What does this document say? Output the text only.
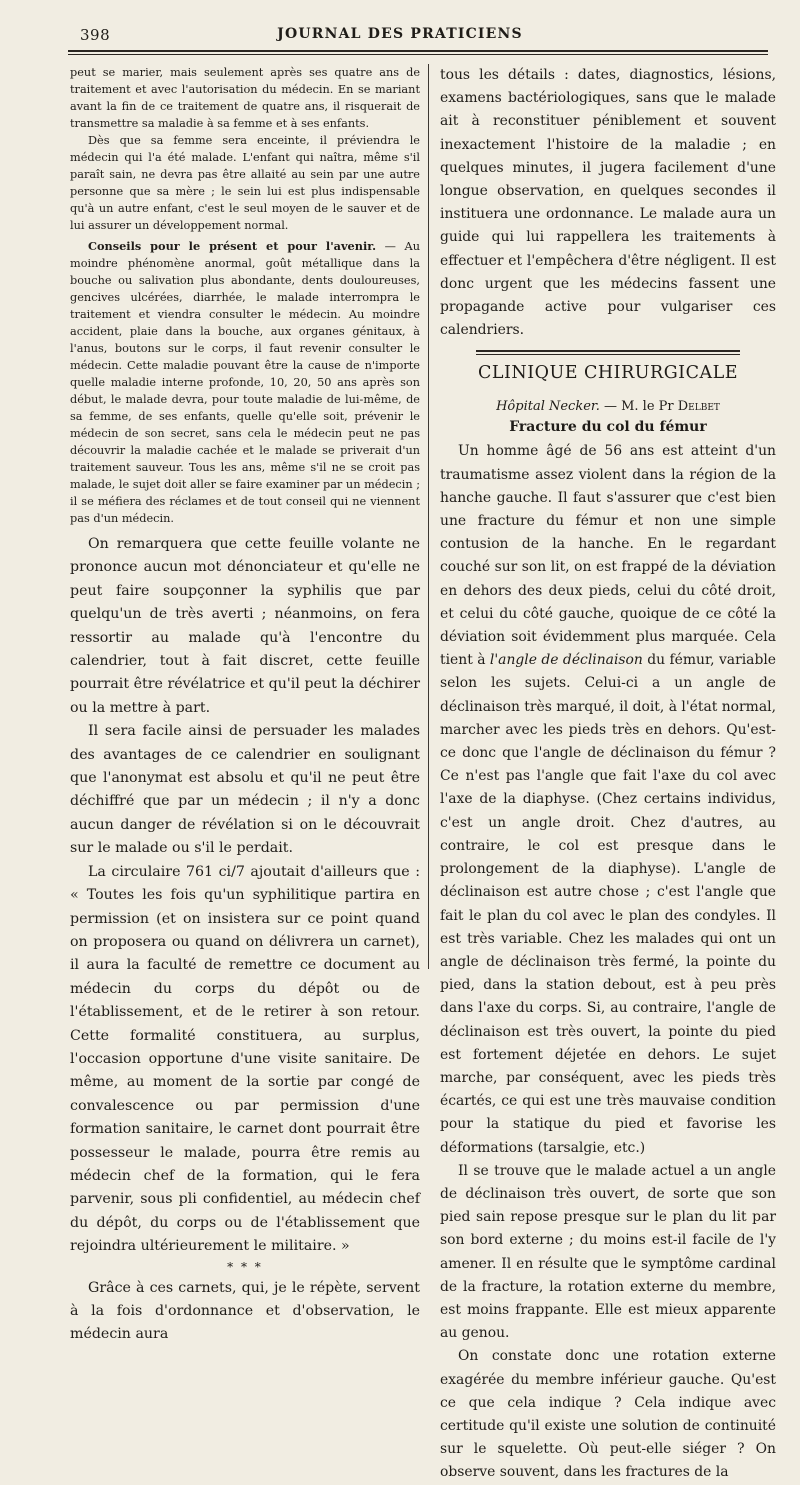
398	JOURNAL DES PRATICIENS

peut se marier, mais seulement après ses quatre ans de traitement et avec l'autorisation du médecin. En se mariant avant la fin de ce traitement de quatre ans, il risquerait de transmettre sa maladie à sa femme et à ses enfants.

Dès que sa femme sera enceinte, il préviendra le médecin qui l'a été malade. L'enfant qui naîtra, même s'il paraît sain, ne devra pas être allaité au sein par une autre personne que sa mère ; le sein lui est plus indispensable qu'à un autre enfant, c'est le seul moyen de le sauver et de lui assurer un développement normal.

Conseils pour le présent et pour l'avenir. — Au moindre phénomène anormal, goût métallique dans la bouche ou salivation plus abondante, dents douloureuses, gencives ulcérées, diarrhée, le malade interrompra le traitement et viendra consulter le médecin. Au moindre accident, plaie dans la bouche, aux organes génitaux, à l'anus, boutons sur le corps, il faut revenir consulter le médecin. Cette maladie pouvant être la cause de n'importe quelle maladie interne profonde, 10, 20, 50 ans après son début, le malade devra, pour toute maladie de lui-même, de sa femme, de ses enfants, quelle qu'elle soit, prévenir le médecin de son secret, sans cela le médecin peut ne pas découvrir la maladie cachée et le malade se priverait d'un traitement sauveur. Tous les ans, même s'il ne se croit pas malade, le sujet doit aller se faire examiner par un médecin ; il se méfiera des réclames et de tout conseil qui ne viennent pas d'un médecin.

On remarquera que cette feuille volante ne prononce aucun mot dénonciateur et qu'elle ne peut faire soupçonner la syphilis que par quelqu'un de très averti ; néanmoins, on fera ressortir au malade qu'à l'encontre du calendrier, tout à fait discret, cette feuille pourrait être révélatrice et qu'il peut la déchirer ou la mettre à part.

Il sera facile ainsi de persuader les malades des avantages de ce calendrier en soulignant que l'anonymat est absolu et qu'il ne peut être déchiffré que par un médecin ; il n'y a donc aucun danger de révélation si on le découvrait sur le malade ou s'il le perdait.

La circulaire 761 ci/7 ajoutait d'ailleurs que : « Toutes les fois qu'un syphilitique partira en permission (et on insistera sur ce point quand on proposera ou quand on délivrera un carnet), il aura la faculté de remettre ce document au médecin du corps du dépôt ou de l'établissement, et de le retirer à son retour. Cette formalité constituera, au surplus, l'occasion opportune d'une visite sanitaire. De même, au moment de la sortie par congé de convalescence ou par permission d'une formation sanitaire, le carnet dont pourrait être possesseur le malade, pourra être remis au médecin chef de la formation, qui le fera parvenir, sous pli confidentiel, au médecin chef du dépôt, du corps ou de l'établissement que rejoindra ultérieurement le militaire. »

* * *

Grâce à ces carnets, qui, je le répète, servent à la fois d'ordonnance et d'observation, le médecin aura

tous les détails : dates, diagnostics, lésions, examens bactériologiques, sans que le malade ait à reconstituer péniblement et souvent inexactement l'histoire de la maladie ; en quelques minutes, il jugera facilement d'une longue observation, en quelques secondes il instituera une ordonnance. Le malade aura un guide qui lui rappellera les traitements à effectuer et l'empêchera d'être négligent. Il est donc urgent que les médecins fassent une propagande active pour vulgariser ces calendriers.

CLINIQUE CHIRURGICALE

Hôpital Necker. — M. le Pr Delbet

Fracture du col du fémur

Un homme âgé de 56 ans est atteint d'un traumatisme assez violent dans la région de la hanche gauche. Il faut s'assurer que c'est bien une fracture du fémur et non une simple contusion de la hanche. En le regardant couché sur son lit, on est frappé de la déviation en dehors des deux pieds, celui du côté droit, et celui du côté gauche, quoique de ce côté la déviation soit évidemment plus marquée. Cela tient à l'angle de déclinaison du fémur, variable selon les sujets. Celui-ci a un angle de déclinaison très marqué, il doit, à l'état normal, marcher avec les pieds très en dehors. Qu'est-ce donc que l'angle de déclinaison du fémur ? Ce n'est pas l'angle que fait l'axe du col avec l'axe de la diaphyse. (Chez certains individus, c'est un angle droit. Chez d'autres, au contraire, le col est presque dans le prolongement de la diaphyse). L'angle de déclinaison est autre chose ; c'est l'angle que fait le plan du col avec le plan des condyles. Il est très variable. Chez les malades qui ont un angle de déclinaison très fermé, la pointe du pied, dans la station debout, est à peu près dans l'axe du corps. Si, au contraire, l'angle de déclinaison est très ouvert, la pointe du pied est fortement déjetée en dehors. Le sujet marche, par conséquent, avec les pieds très écartés, ce qui est une très mauvaise condition pour la statique du pied et favorise les déformations (tarsalgie, etc.)

Il se trouve que le malade actuel a un angle de déclinaison très ouvert, de sorte que son pied sain repose presque sur le plan du lit par son bord externe ; du moins est-il facile de l'y amener. Il en résulte que le symptôme cardinal de la fracture, la rotation externe du membre, est moins frappante. Elle est mieux apparente au genou.

On constate donc une rotation externe exagérée du membre inférieur gauche. Qu'est ce que cela indique ? Cela indique avec certitude qu'il existe une solution de continuité sur le squelette. Où peut-elle siéger ? On observe souvent, dans les fractures de la
